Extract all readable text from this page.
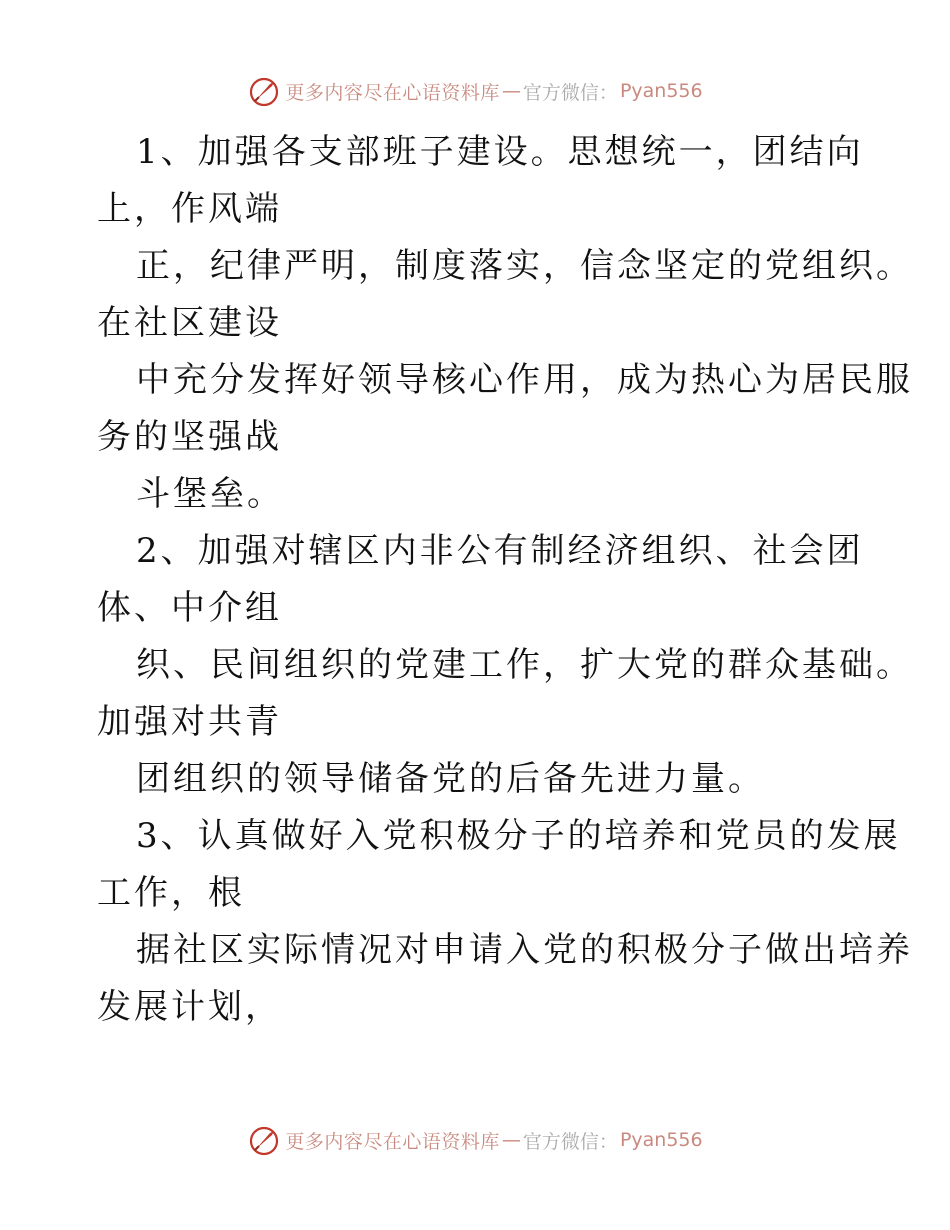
更多内容尽在心语资料库 — 官方微信： Pyan556
1、加强各支部班子建设。思想统一，团结向
上，作风端
正，纪律严明，制度落实，信念坚定的党组织。
在社区建设
中充分发挥好领导核心作用，成为热心为居民服
务的坚强战
斗堡垒。
2、加强对辖区内非公有制经济组织、社会团
体、中介组
织、民间组织的党建工作，扩大党的群众基础。
加强对共青
团组织的领导储备党的后备先进力量。
3、认真做好入党积极分子的培养和党员的发展
工作，根
据社区实际情况对申请入党的积极分子做出培养
发展计划，
更多内容尽在心语资料库 — 官方微信： Pyan556
